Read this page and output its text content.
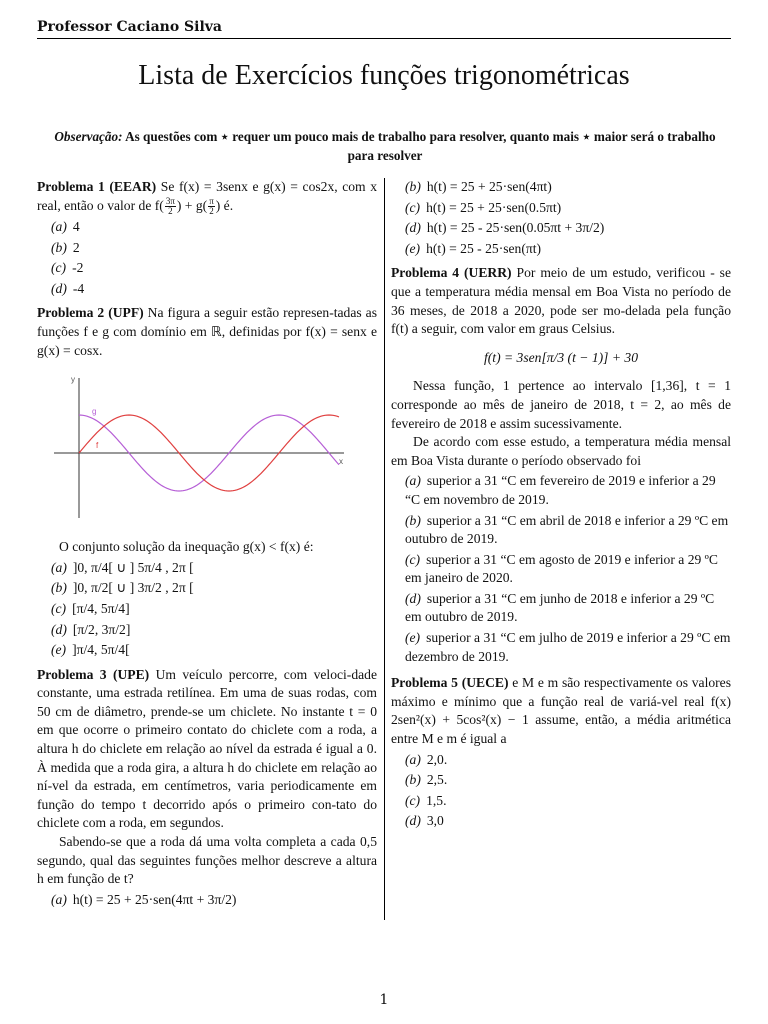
Professor Caciano Silva
Lista de Exercícios funções trigonométricas
Observação: As questões com ⋆ requer um pouco mais de trabalho para resolver, quanto mais ⋆ maior será o trabalho para resolver

Problema 1 (EEAR) Se f(x) = 3senx e g(x) = cos2x, com x real, então o valor de $f( \frac{3\pi}{2}$ ) + $g( \frac{\pi}{2}$ ) é.

(a) 4
(b) 2
(c) -2
(d) -4

Problema 2 (UPF) Na figura a seguir estão represen-tadas as funções f e g com domínio em ℝ, definidas por f(x) = senx e g(x) = cosx.

y
x
g
f

O conjunto solução da inequação g(x) < f(x) é:

(a) ]0, π/4[ ∪ ] 5π/4 , 2π [
(b) ]0, π/2[ ∪ ] 3π/2 , 2π [
(c) [π/4, 5π/4]
(d) [π/2, 3π/2]
(e) ]π/4, 5π/4[

Problema 3 (UPE) Um veículo percorre, com veloci-dade constante, uma estrada retilínea. Em uma de suas rodas, com 50 cm de diâmetro, prende-se um chiclete. No instante t = 0 em que ocorre o primeiro contato do chiclete com a roda, a altura h do chiclete em relação ao nível da estrada é igual a 0. À medida que a roda gira, a altura h do chiclete em relação ao ní-vel da estrada, em centímetros, varia periodicamente em função do tempo t decorrido após o primeiro con-tato do chiclete com a roda, em segundos.

Sabendo-se que a roda dá uma volta completa a cada 0,5 segundo, qual das seguintes funções melhor descreve a altura h em função de t?

(a) h(t) = 25 + 25·sen(4πt + 3π/2)
(b) h(t) = 25 + 25·sen(4πt)
(c) h(t) = 25 + 25·sen(0.5πt)
(d) h(t) = 25 - 25·sen(0.05πt + 3π/2)
(e) h(t) = 25 - 25·sen(πt)

Problema 4 (UERR) Por meio de um estudo, verificou - se que a temperatura média mensal em Boa Vista no período de 36 meses, de 2018 a 2020, pode ser mo-delada pela função f(t) a seguir, com valor em graus Celsius.

f(t) = 3sen[π/3 (t − 1)] + 30

Nessa função, 1 pertence ao intervalo [1,36], t = 1 corresponde ao mês de janeiro de 2018, t = 2, ao mês de fevereiro de 2018 e assim sucessivamente.

De acordo com esse estudo, a temperatura média mensal em Boa Vista durante o período observado foi

(a) superior a 31 “C em fevereiro de 2019 e inferior a 29 “C em novembro de 2019.
(b) superior a 31 “C em abril de 2018 e inferior a 29 ºC em outubro de 2019.
(c) superior a 31 “C em agosto de 2019 e inferior a 29 ºC em janeiro de 2020.
(d) superior a 31 “C em junho de 2018 e inferior a 29 ºC em outubro de 2019.
(e) superior a 31 “C em julho de 2019 e inferior a 29 ºC em dezembro de 2019.

Problema 5 (UECE) e M e m são respectivamente os valores máximo e mínimo que a função real de variá-vel real f(x) 2sen²(x) + 5cos²(x) − 1 assume, então, a média aritmética entre M e m é igual a

(a) 2,0.
(b) 2,5.
(c) 1,5.
(d) 3,0
1
